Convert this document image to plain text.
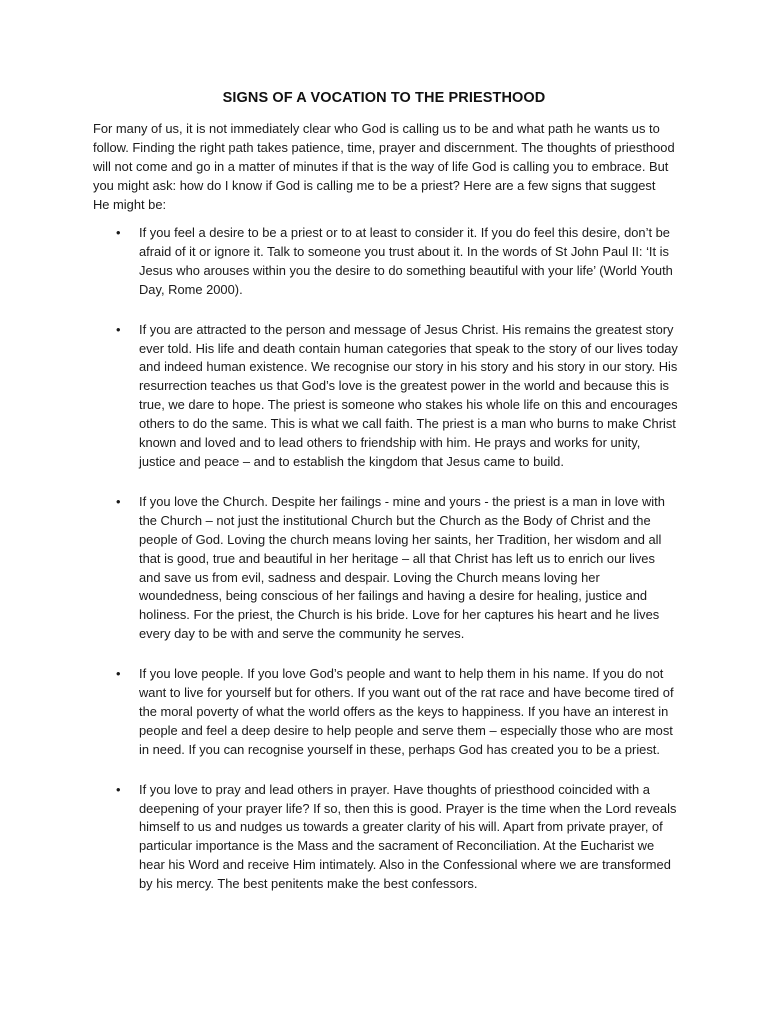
SIGNS OF A VOCATION TO THE PRIESTHOOD

For many of us, it is not immediately clear who God is calling us to be and what path he wants us to follow. Finding the right path takes patience, time, prayer and discernment. The thoughts of priesthood will not come and go in a matter of minutes if that is the way of life God is calling you to embrace. But you might ask: how do I know if God is calling me to be a priest? Here are a few signs that suggest He might be:

• If you feel a desire to be a priest or to at least to consider it. If you do feel this desire, don’t be afraid of it or ignore it. Talk to someone you trust about it. In the words of St John Paul II: ‘It is Jesus who arouses within you the desire to do something beautiful with your life’ (World Youth Day, Rome 2000).
• If you are attracted to the person and message of Jesus Christ. His remains the greatest story ever told. His life and death contain human categories that speak to the story of our lives today and indeed human existence. We recognise our story in his story and his story in our story. His resurrection teaches us that God’s love is the greatest power in the world and because this is true, we dare to hope. The priest is someone who stakes his whole life on this and encourages others to do the same. This is what we call faith. The priest is a man who burns to make Christ known and loved and to lead others to friendship with him. He prays and works for unity, justice and peace – and to establish the kingdom that Jesus came to build.
• If you love the Church. Despite her failings - mine and yours - the priest is a man in love with the Church – not just the institutional Church but the Church as the Body of Christ and the people of God. Loving the church means loving her saints, her Tradition, her wisdom and all that is good, true and beautiful in her heritage – all that Christ has left us to enrich our lives and save us from evil, sadness and despair. Loving the Church means loving her woundedness, being conscious of her failings and having a desire for healing, justice and holiness. For the priest, the Church is his bride. Love for her captures his heart and he lives every day to be with and serve the community he serves.
• If you love people. If you love God’s people and want to help them in his name. If you do not want to live for yourself but for others. If you want out of the rat race and have become tired of the moral poverty of what the world offers as the keys to happiness. If you have an interest in people and feel a deep desire to help people and serve them – especially those who are most in need. If you can recognise yourself in these, perhaps God has created you to be a priest.
• If you love to pray and lead others in prayer. Have thoughts of priesthood coincided with a deepening of your prayer life? If so, then this is good. Prayer is the time when the Lord reveals himself to us and nudges us towards a greater clarity of his will. Apart from private prayer, of particular importance is the Mass and the sacrament of Reconciliation. At the Eucharist we hear his Word and receive Him intimately. Also in the Confessional where we are transformed by his mercy. The best penitents make the best confessors.
